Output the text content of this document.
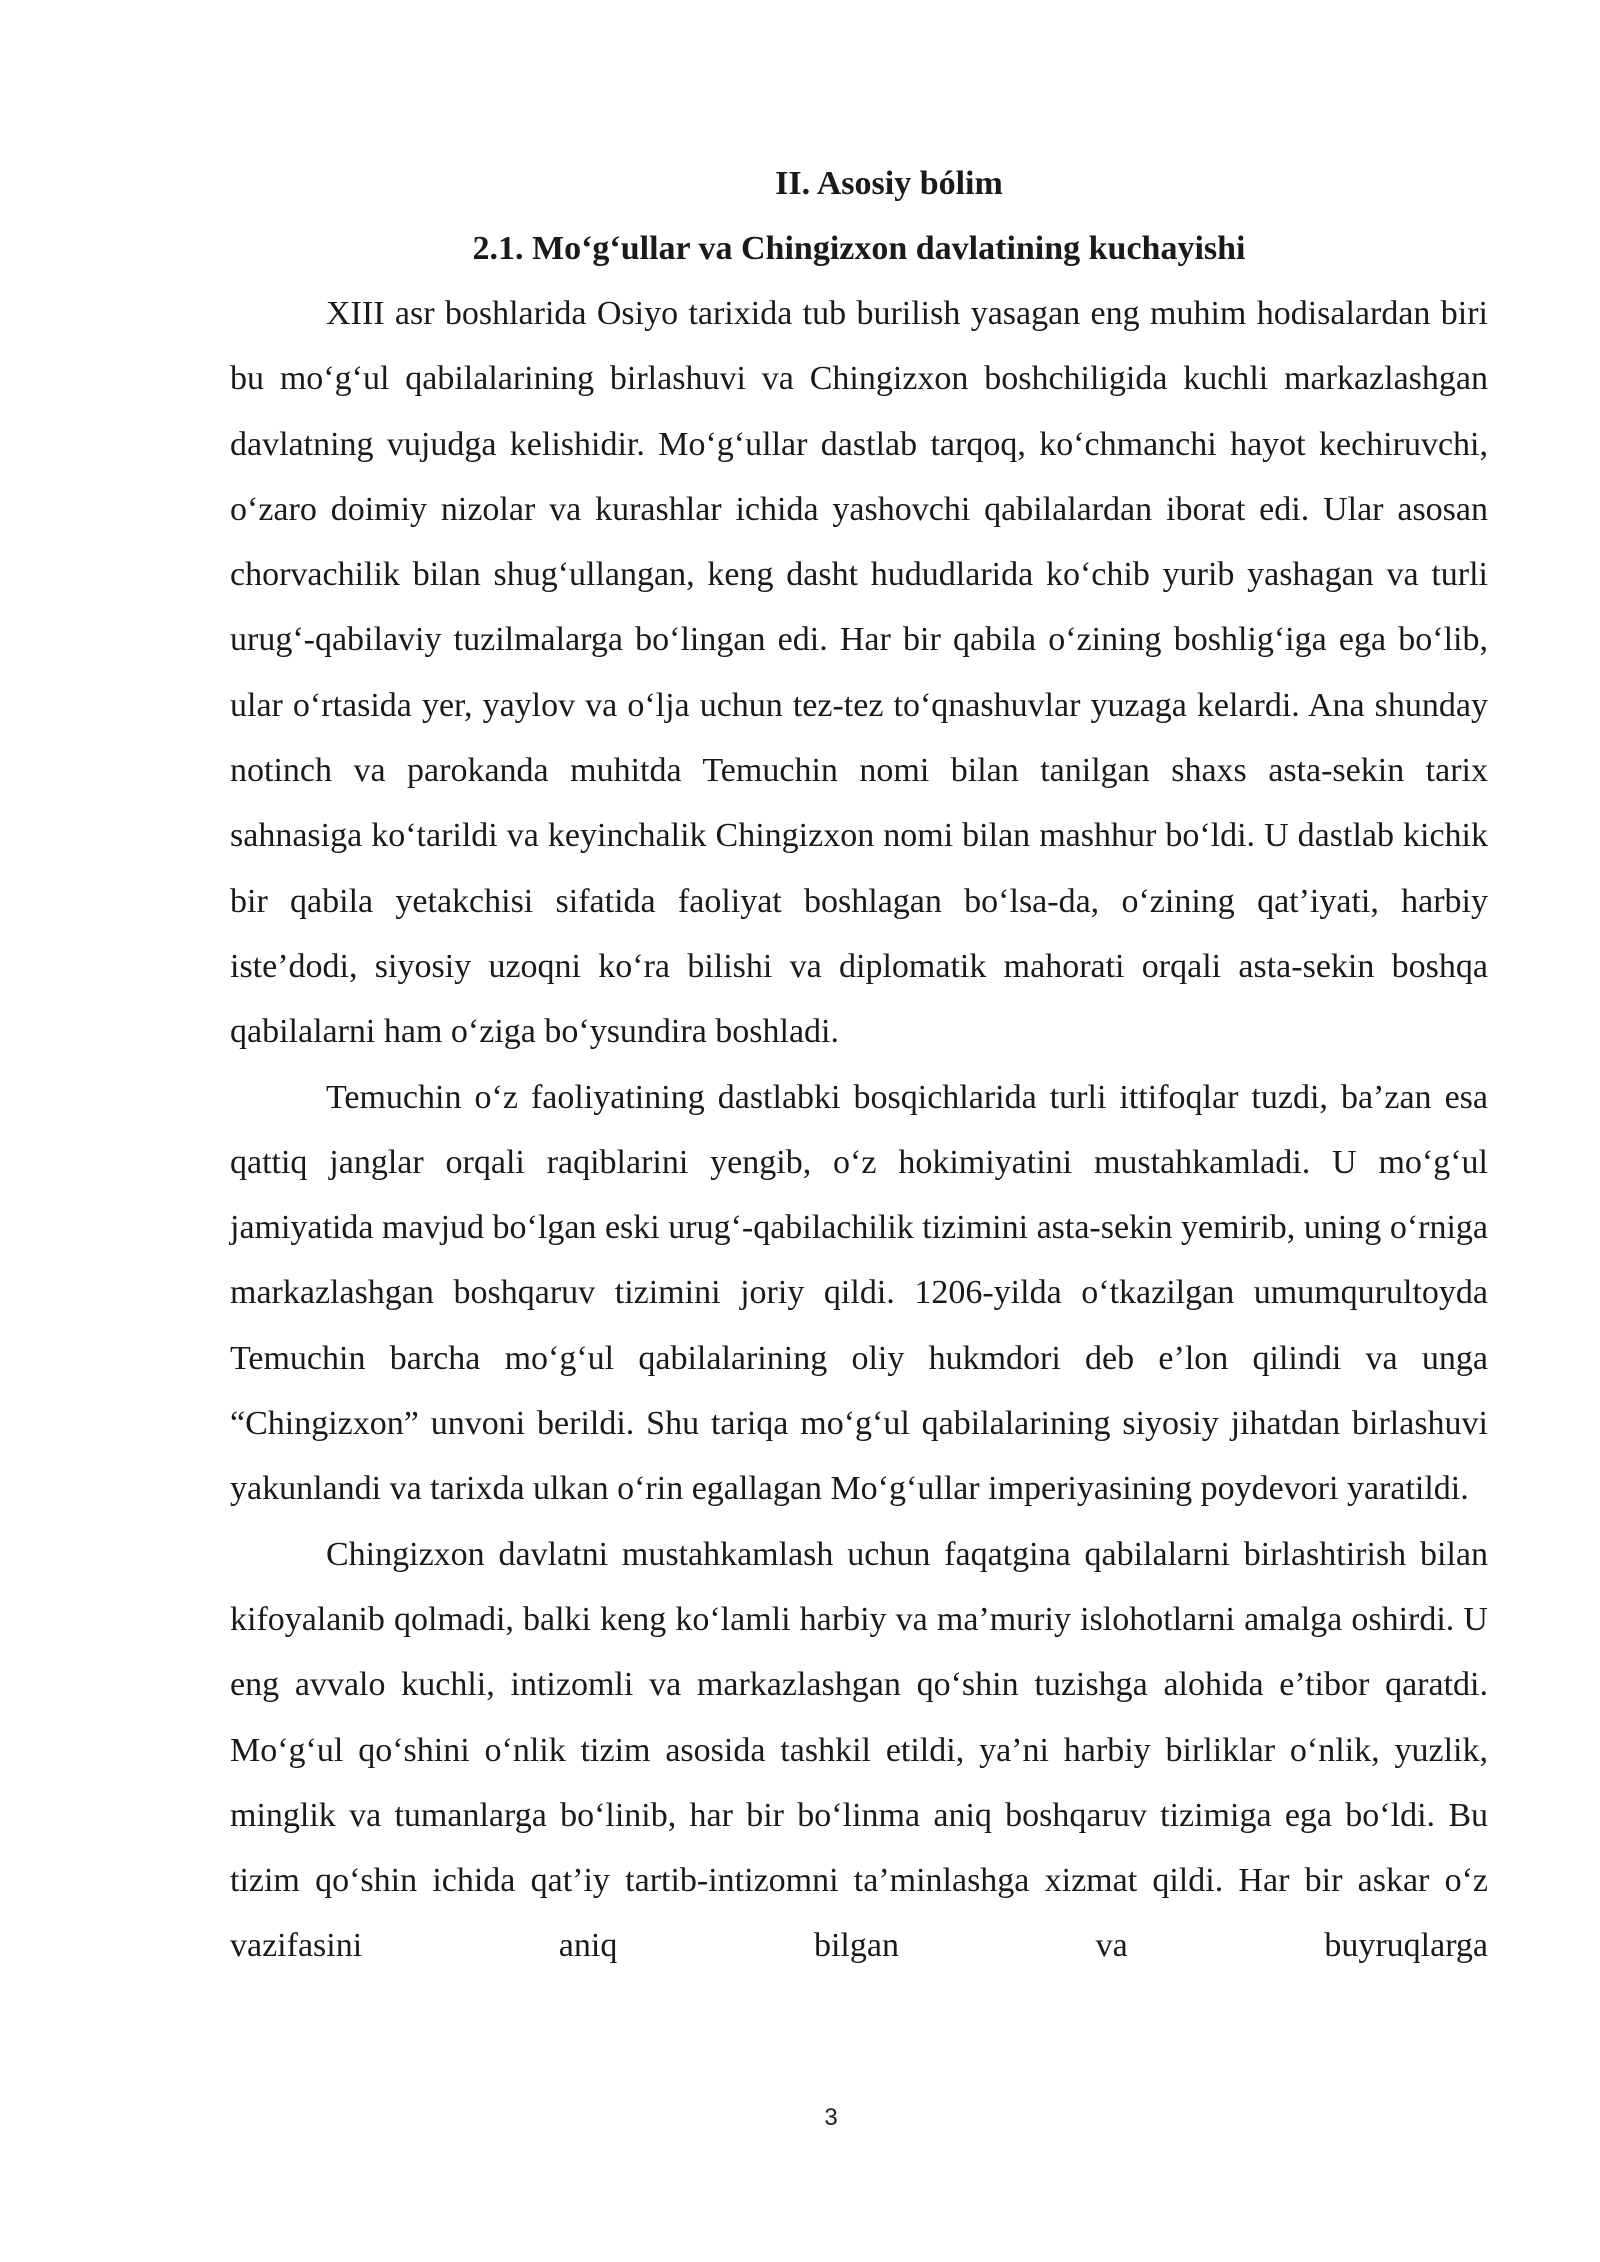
II. Asosiy bólim
2.1. Mo‘g‘ullar va Chingizxon davlatining kuchayishi

XIII asr boshlarida Osiyo tarixida tub burilish yasagan eng muhim hodisalardan biri bu mo‘g‘ul qabilalarining birlashuvi va Chingizxon boshchiligida kuchli markazlashgan davlatning vujudga kelishidir. Mo‘g‘ullar dastlab tarqoq, ko‘chmanchi hayot kechiruvchi, o‘zaro doimiy nizolar va kurashlar ichida yashovchi qabilalardan iborat edi. Ular asosan chorvachilik bilan shug‘ullangan, keng dasht hududlarida ko‘chib yurib yashagan va turli urug‘-qabilaviy tuzilmalarga bo‘lingan edi. Har bir qabila o‘zining boshlig‘iga ega bo‘lib, ular o‘rtasida yer, yaylov va o‘lja uchun tez-tez to‘qnashuvlar yuzaga kelardi. Ana shunday notinch va parokanda muhitda Temuchin nomi bilan tanilgan shaxs asta-sekin tarix sahnasiga ko‘tarildi va keyinchalik Chingizxon nomi bilan mashhur bo‘ldi. U dastlab kichik bir qabila yetakchisi sifatida faoliyat boshlagan bo‘lsa-da, o‘zining qat’iyati, harbiy iste’dodi, siyosiy uzoqni ko‘ra bilishi va diplomatik mahorati orqali asta-sekin boshqa qabilalarni ham o‘ziga bo‘ysundira boshladi.

Temuchin o‘z faoliyatining dastlabki bosqichlarida turli ittifoqlar tuzdi, ba’zan esa qattiq janglar orqali raqiblarini yengib, o‘z hokimiyatini mustahkamladi. U mo‘g‘ul jamiyatida mavjud bo‘lgan eski urug‘-qabilachilik tizimini asta-sekin yemirib, uning o‘rniga markazlashgan boshqaruv tizimini joriy qildi. 1206-yilda o‘tkazilgan umumqurultoyda Temuchin barcha mo‘g‘ul qabilalarining oliy hukmdori deb e’lon qilindi va unga “Chingizxon” unvoni berildi. Shu tariqa mo‘g‘ul qabilalarining siyosiy jihatdan birlashuvi yakunlandi va tarixda ulkan o‘rin egallagan Mo‘g‘ullar imperiyasining poydevori yaratildi.

Chingizxon davlatni mustahkamlash uchun faqatgina qabilalarni birlashtirish bilan kifoyalanib qolmadi, balki keng ko‘lamli harbiy va ma’muriy islohotlarni amalga oshirdi. U eng avvalo kuchli, intizomli va markazlashgan qo‘shin tuzishga alohida e’tibor qaratdi. Mo‘g‘ul qo‘shini o‘nlik tizim asosida tashkil etildi, ya’ni harbiy birliklar o‘nlik, yuzlik, minglik va tumanlarga bo‘linib, har bir bo‘linma aniq boshqaruv tizimiga ega bo‘ldi. Bu tizim qo‘shin ichida qat’iy tartib-intizomni ta’minlashga xizmat qildi. Har bir askar o‘z vazifasini aniq bilgan va buyruqlarga

3
